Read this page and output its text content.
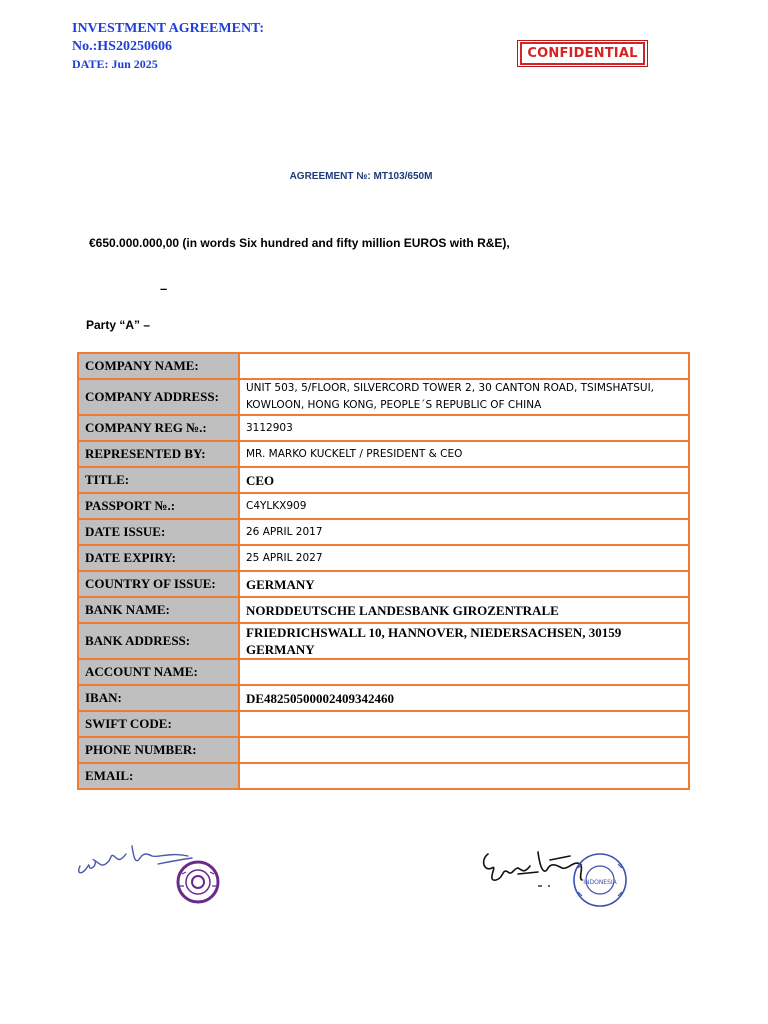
INVESTMENT AGREEMENT:
No.:HS20250606
DATE: Jun 2025
CONFIDENTIAL
AGREEMENT №: MT103/650M
€650.000.000,00 (in words Six hundred and fifty million EUROS with R&E),
–
Party “A” –
COMPANY NAME:	
COMPANY ADDRESS:	UNIT 503, 5/FLOOR, SILVERCORD TOWER 2, 30 CANTON ROAD, TSIMSHATSUI, KOWLOON, HONG KONG, PEOPLE´S REPUBLIC OF CHINA
COMPANY REG №.:	3112903
REPRESENTED BY:	MR. MARKO KUCKELT / PRESIDENT & CEO
TITLE:	CEO
PASSPORT №.:	C4YLKX909
DATE ISSUE:	26 APRIL 2017
DATE EXPIRY:	25 APRIL 2027
COUNTRY OF ISSUE:	GERMANY
BANK NAME:	NORDDEUTSCHE LANDESBANK GIROZENTRALE
BANK ADDRESS:	FRIEDRICHSWALL 10, HANNOVER, NIEDERSACHSEN, 30159 GERMANY
ACCOUNT NAME:	
IBAN:	DE48250500002409342460
SWIFT CODE:	
PHONE NUMBER:	
EMAIL:	
INDONESIA
